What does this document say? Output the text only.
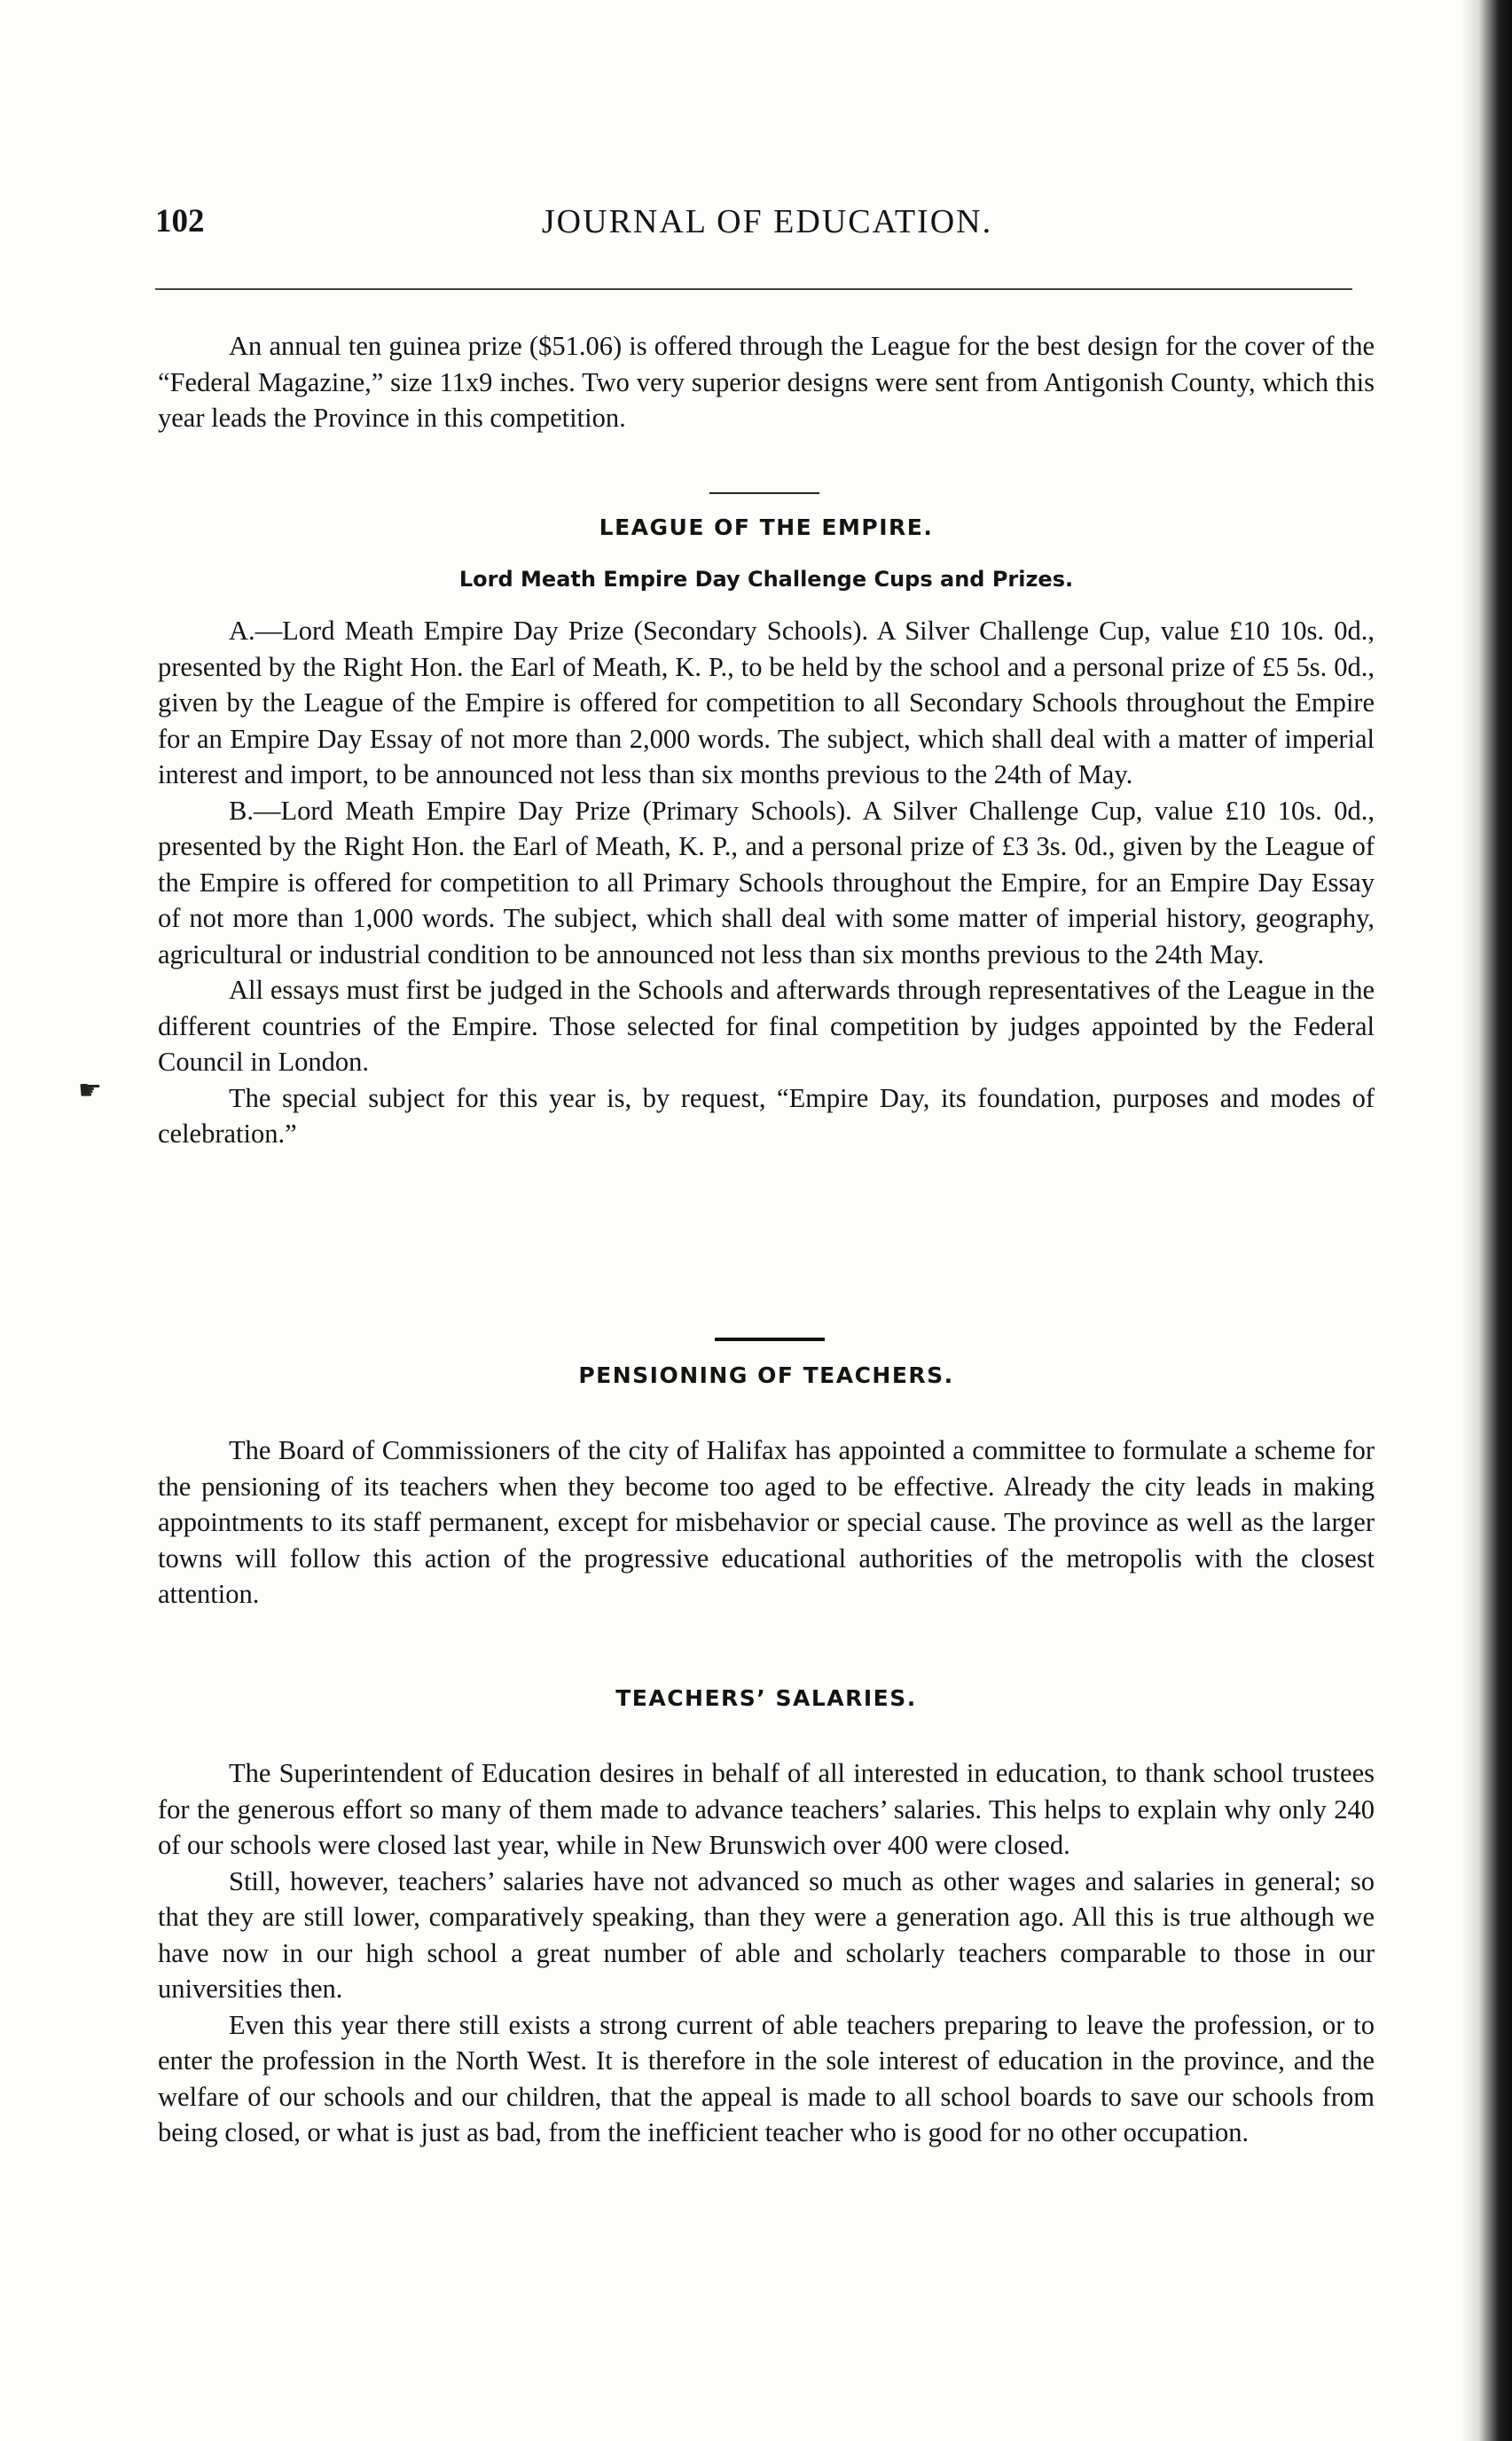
102	JOURNAL OF EDUCATION.

An annual ten guinea prize ($51.06) is offered through the League for the best design for the cover of the “Federal Magazine,” size 11x9 inches. Two very superior designs were sent from Antigonish County, which this year leads the Province in this competition.

LEAGUE OF THE EMPIRE.
Lord Meath Empire Day Challenge Cups and Prizes.

A.—Lord Meath Empire Day Prize (Secondary Schools). A Silver Challenge Cup, value £10 10s. 0d., presented by the Right Hon. the Earl of Meath, K. P., to be held by the school and a personal prize of £5 5s. 0d., given by the League of the Empire is offered for competition to all Secondary Schools throughout the Empire for an Empire Day Essay of not more than 2,000 words. The subject, which shall deal with a matter of imperial interest and import, to be announced not less than six months previous to the 24th of May.

B.—Lord Meath Empire Day Prize (Primary Schools). A Silver Challenge Cup, value £10 10s. 0d., presented by the Right Hon. the Earl of Meath, K. P., and a personal prize of £3 3s. 0d., given by the League of the Empire is offered for competition to all Primary Schools throughout the Empire, for an Empire Day Essay of not more than 1,000 words. The subject, which shall deal with some matter of imperial history, geography, agricultural or industrial condition to be announced not less than six months previous to the 24th May.

All essays must first be judged in the Schools and afterwards through representatives of the League in the different countries of the Empire. Those selected for final competition by judges appointed by the Federal Council in London.

The special subject for this year is, by request, “Empire Day, its foundation, purposes and modes of celebration.”

☛
PENSIONING OF TEACHERS.

The Board of Commissioners of the city of Halifax has appointed a committee to formulate a scheme for the pensioning of its teachers when they become too aged to be effective. Already the city leads in making appointments to its staff permanent, except for misbehavior or special cause. The province as well as the larger towns will follow this action of the progressive educational authorities of the metropolis with the closest attention.

TEACHERS’ SALARIES.

The Superintendent of Education desires in behalf of all interested in education, to thank school trustees for the generous effort so many of them made to advance teachers’ salaries. This helps to explain why only 240 of our schools were closed last year, while in New Brunswich over 400 were closed.

Still, however, teachers’ salaries have not advanced so much as other wages and salaries in general; so that they are still lower, comparatively speaking, than they were a generation ago. All this is true although we have now in our high school a great number of able and scholarly teachers comparable to those in our universities then.

Even this year there still exists a strong current of able teachers preparing to leave the profession, or to enter the profession in the North West. It is therefore in the sole interest of education in the province, and the welfare of our schools and our children, that the appeal is made to all school boards to save our schools from being closed, or what is just as bad, from the inefficient teacher who is good for no other occupation.
